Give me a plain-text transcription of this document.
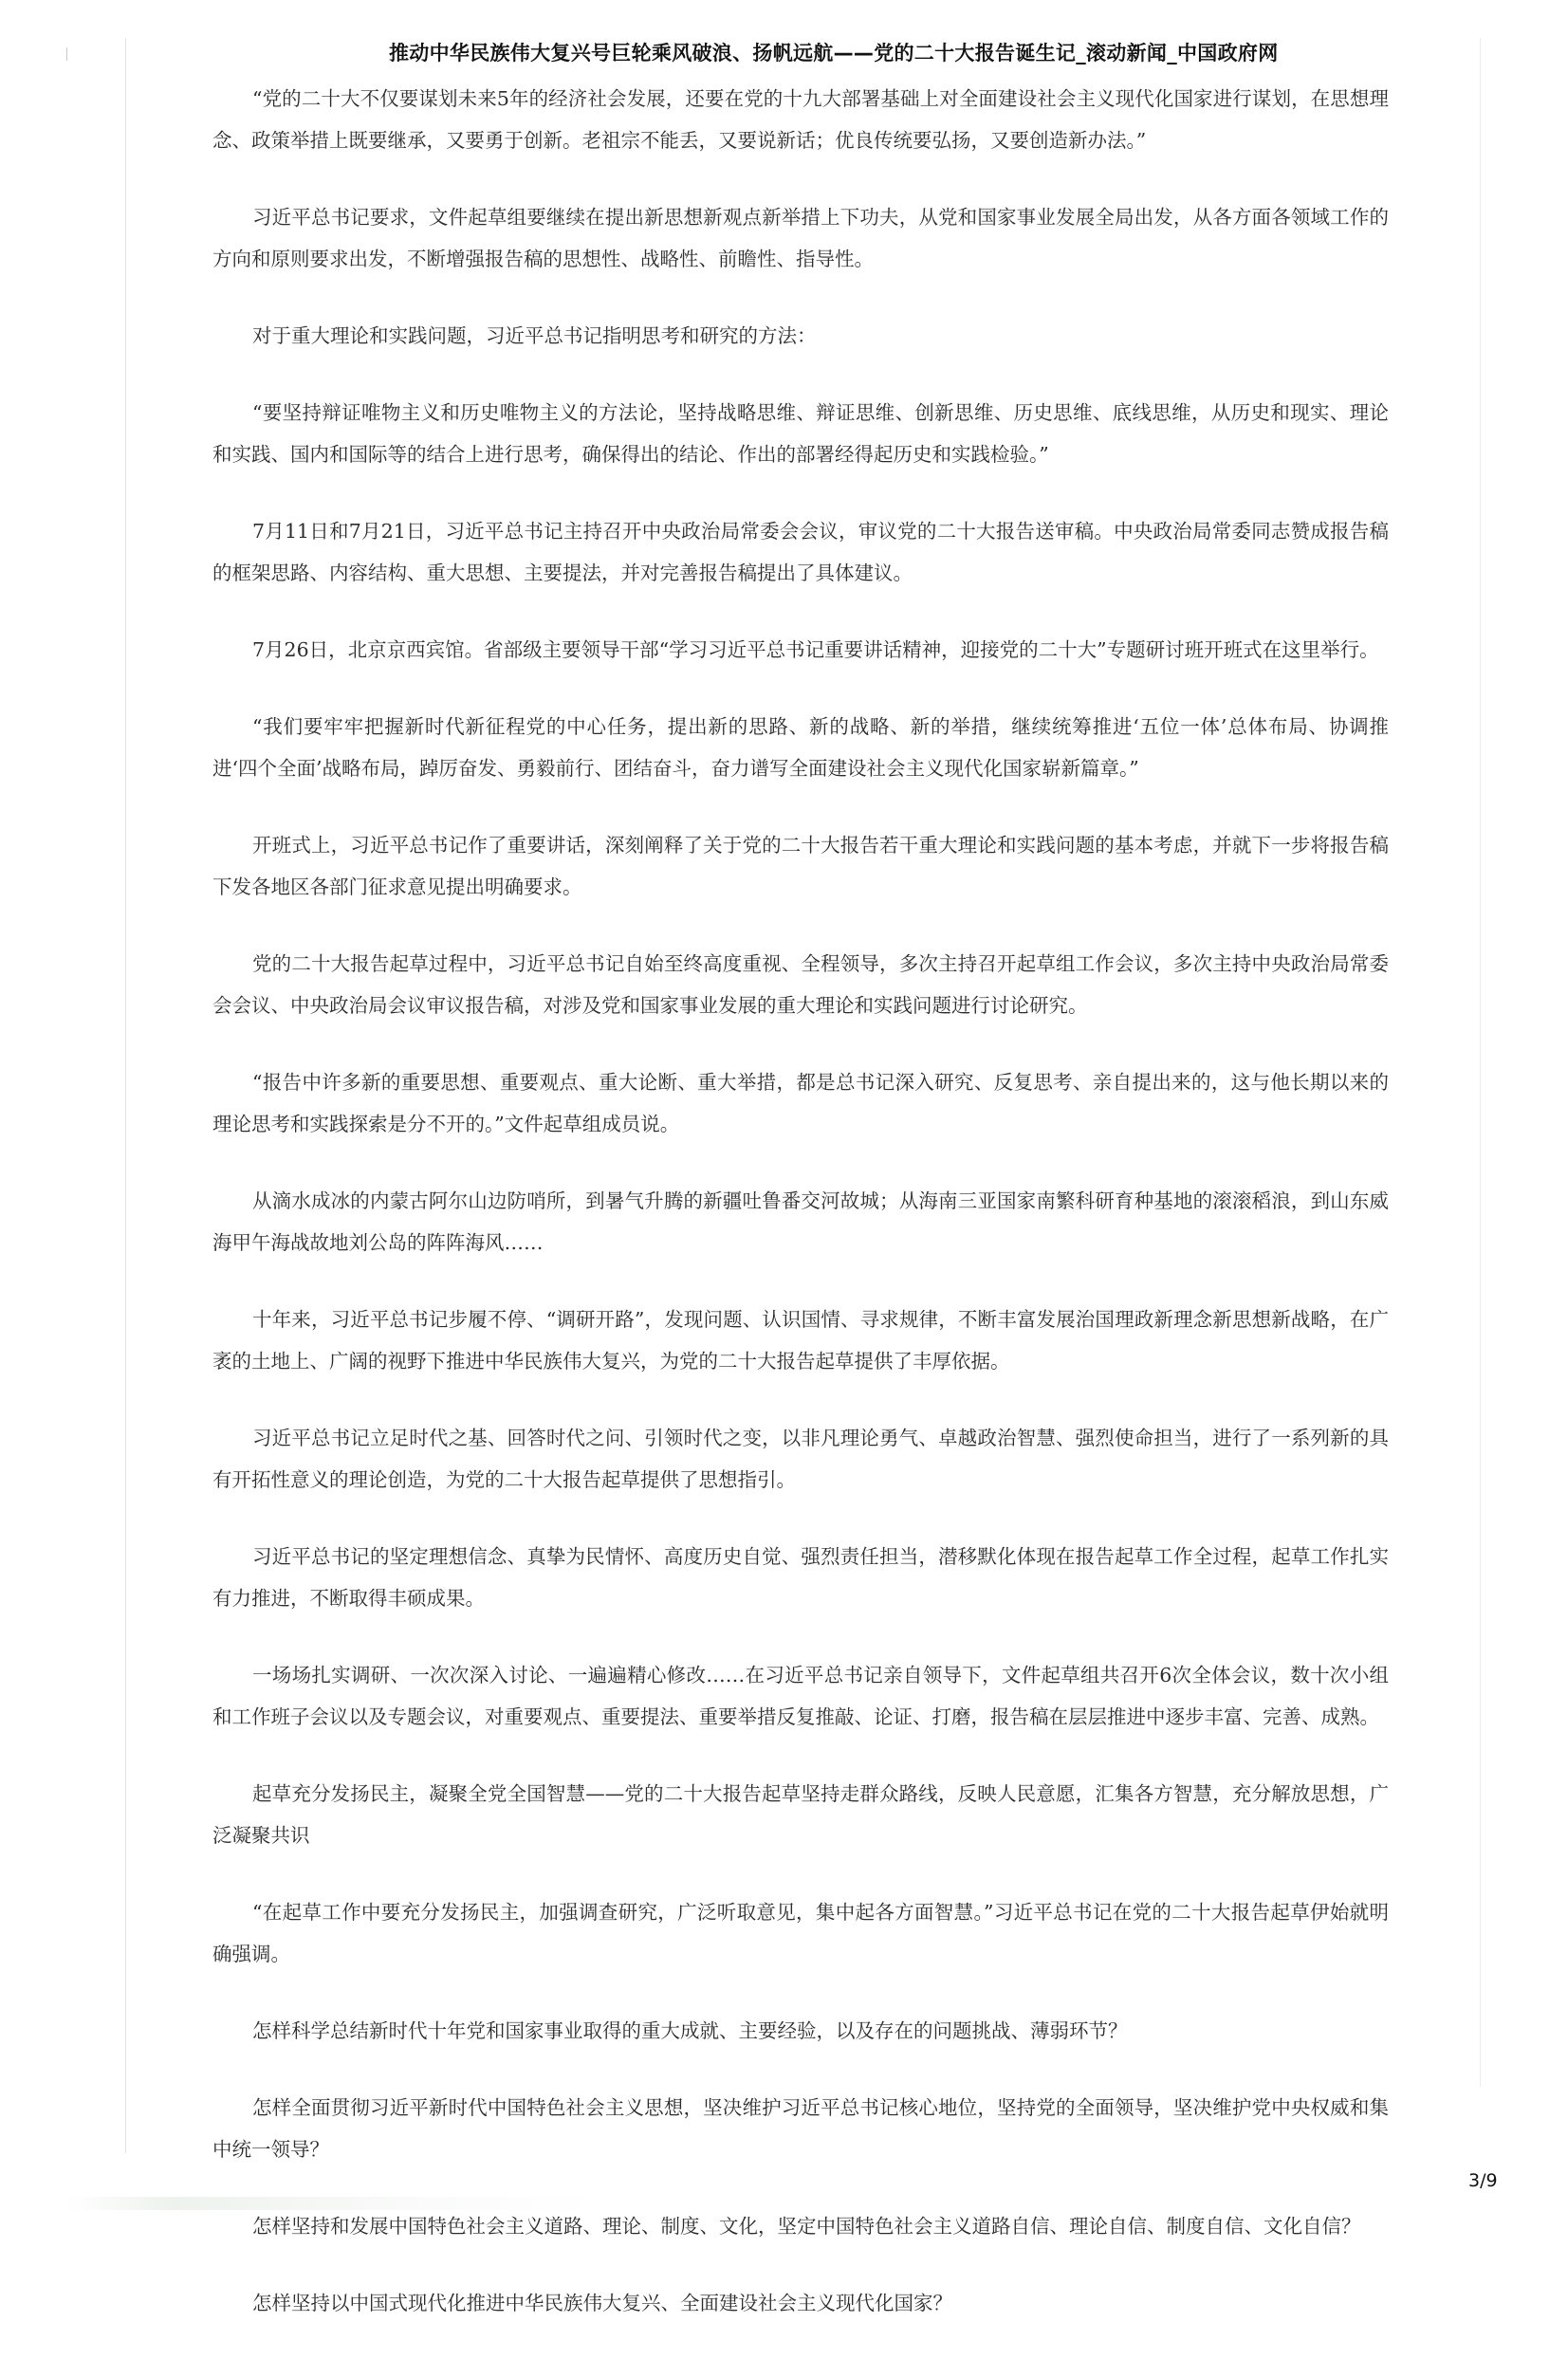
推动中华民族伟大复兴号巨轮乘风破浪、扬帆远航——党的二十大报告诞生记_滚动新闻_中国政府网

“党的二十大不仅要谋划未来5年的经济社会发展，还要在党的十九大部署基础上对全面建设社会主义现代化国家进行谋划，在思想理念、政策举措上既要继承，又要勇于创新。老祖宗不能丢，又要说新话；优良传统要弘扬，又要创造新办法。”

习近平总书记要求，文件起草组要继续在提出新思想新观点新举措上下功夫，从党和国家事业发展全局出发，从各方面各领域工作的方向和原则要求出发，不断增强报告稿的思想性、战略性、前瞻性、指导性。

对于重大理论和实践问题，习近平总书记指明思考和研究的方法：

“要坚持辩证唯物主义和历史唯物主义的方法论，坚持战略思维、辩证思维、创新思维、历史思维、底线思维，从历史和现实、理论和实践、国内和国际等的结合上进行思考，确保得出的结论、作出的部署经得起历史和实践检验。”

7月11日和7月21日，习近平总书记主持召开中央政治局常委会会议，审议党的二十大报告送审稿。中央政治局常委同志赞成报告稿的框架思路、内容结构、重大思想、主要提法，并对完善报告稿提出了具体建议。

7月26日，北京京西宾馆。省部级主要领导干部“学习习近平总书记重要讲话精神，迎接党的二十大”专题研讨班开班式在这里举行。

“我们要牢牢把握新时代新征程党的中心任务，提出新的思路、新的战略、新的举措，继续统筹推进‘五位一体’总体布局、协调推进‘四个全面’战略布局，踔厉奋发、勇毅前行、团结奋斗，奋力谱写全面建设社会主义现代化国家崭新篇章。”

开班式上，习近平总书记作了重要讲话，深刻阐释了关于党的二十大报告若干重大理论和实践问题的基本考虑，并就下一步将报告稿下发各地区各部门征求意见提出明确要求。

党的二十大报告起草过程中，习近平总书记自始至终高度重视、全程领导，多次主持召开起草组工作会议，多次主持中央政治局常委会会议、中央政治局会议审议报告稿，对涉及党和国家事业发展的重大理论和实践问题进行讨论研究。

“报告中许多新的重要思想、重要观点、重大论断、重大举措，都是总书记深入研究、反复思考、亲自提出来的，这与他长期以来的理论思考和实践探索是分不开的。”文件起草组成员说。

从滴水成冰的内蒙古阿尔山边防哨所，到暑气升腾的新疆吐鲁番交河故城；从海南三亚国家南繁科研育种基地的滚滚稻浪，到山东威海甲午海战故地刘公岛的阵阵海风……

十年来，习近平总书记步履不停、“调研开路”，发现问题、认识国情、寻求规律，不断丰富发展治国理政新理念新思想新战略，在广袤的土地上、广阔的视野下推进中华民族伟大复兴，为党的二十大报告起草提供了丰厚依据。

习近平总书记立足时代之基、回答时代之问、引领时代之变，以非凡理论勇气、卓越政治智慧、强烈使命担当，进行了一系列新的具有开拓性意义的理论创造，为党的二十大报告起草提供了思想指引。

习近平总书记的坚定理想信念、真挚为民情怀、高度历史自觉、强烈责任担当，潜移默化体现在报告起草工作全过程，起草工作扎实有力推进，不断取得丰硕成果。

一场场扎实调研、一次次深入讨论、一遍遍精心修改……在习近平总书记亲自领导下，文件起草组共召开6次全体会议，数十次小组和工作班子会议以及专题会议，对重要观点、重要提法、重要举措反复推敲、论证、打磨，报告稿在层层推进中逐步丰富、完善、成熟。

起草充分发扬民主，凝聚全党全国智慧——党的二十大报告起草坚持走群众路线，反映人民意愿，汇集各方智慧，充分解放思想，广泛凝聚共识

“在起草工作中要充分发扬民主，加强调查研究，广泛听取意见，集中起各方面智慧。”习近平总书记在党的二十大报告起草伊始就明确强调。

怎样科学总结新时代十年党和国家事业取得的重大成就、主要经验，以及存在的问题挑战、薄弱环节？

怎样全面贯彻习近平新时代中国特色社会主义思想，坚决维护习近平总书记核心地位，坚持党的全面领导，坚决维护党中央权威和集中统一领导？

怎样坚持和发展中国特色社会主义道路、理论、制度、文化，坚定中国特色社会主义道路自信、理论自信、制度自信、文化自信？

怎样坚持以中国式现代化推进中华民族伟大复兴、全面建设社会主义现代化国家？

3/9
